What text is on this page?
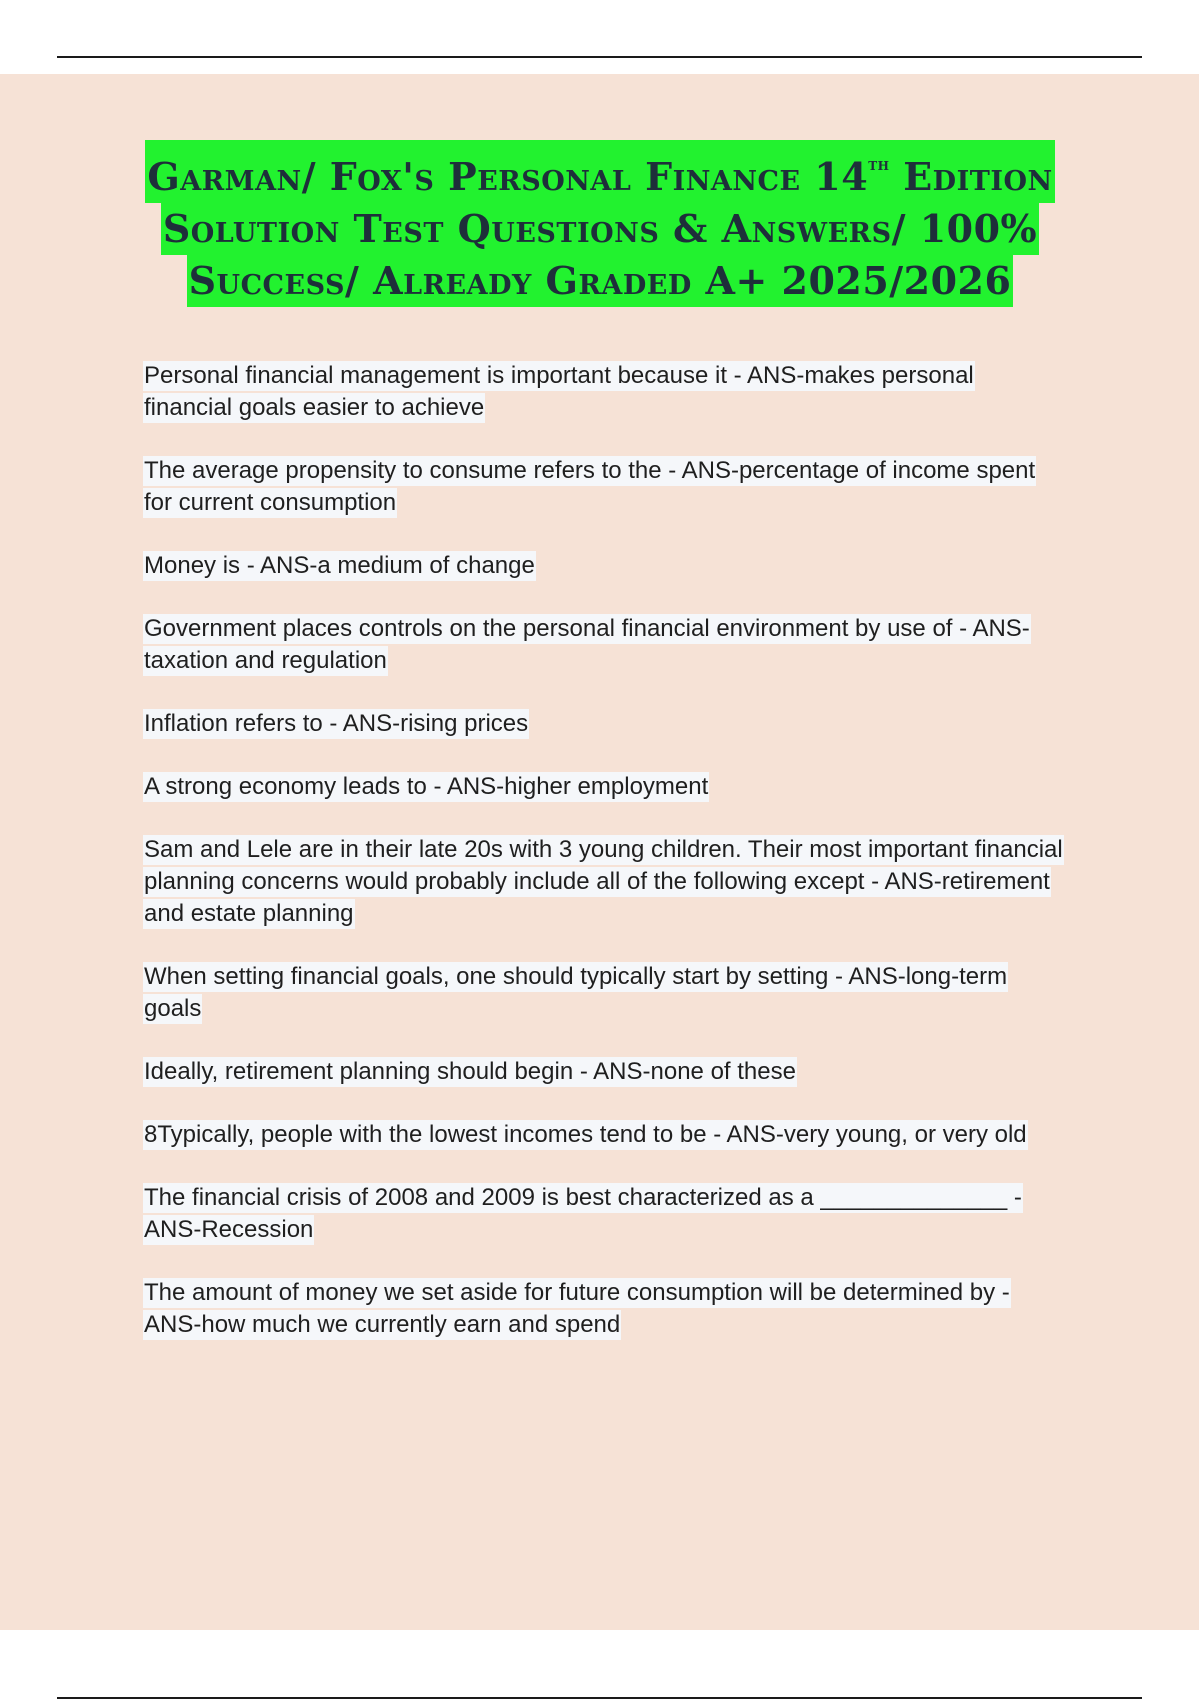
Garman/ Fox's Personal Finance 14TH Edition
Solution Test Questions & Answers/ 100%
Success/ Already Graded A+ 2025/2026
Personal financial management is important because it - ANS-makes personal financial goals easier to achieve
The average propensity to consume refers to the - ANS-percentage of income spent for current consumption
Money is - ANS-a medium of change
Government places controls on the personal financial environment by use of - ANS-taxation and regulation
Inflation refers to - ANS-rising prices
A strong economy leads to - ANS-higher employment
Sam and Lele are in their late 20s with 3 young children. Their most important financial planning concerns would probably include all of the following except - ANS-retirement and estate planning
When setting financial goals, one should typically start by setting - ANS-long-term goals
Ideally, retirement planning should begin - ANS-none of these
8Typically, people with the lowest incomes tend to be - ANS-very young, or very old
The financial crisis of 2008 and 2009 is best characterized as a ______________ - ANS-Recession
The amount of money we set aside for future consumption will be determined by - ANS-how much we currently earn and spend
